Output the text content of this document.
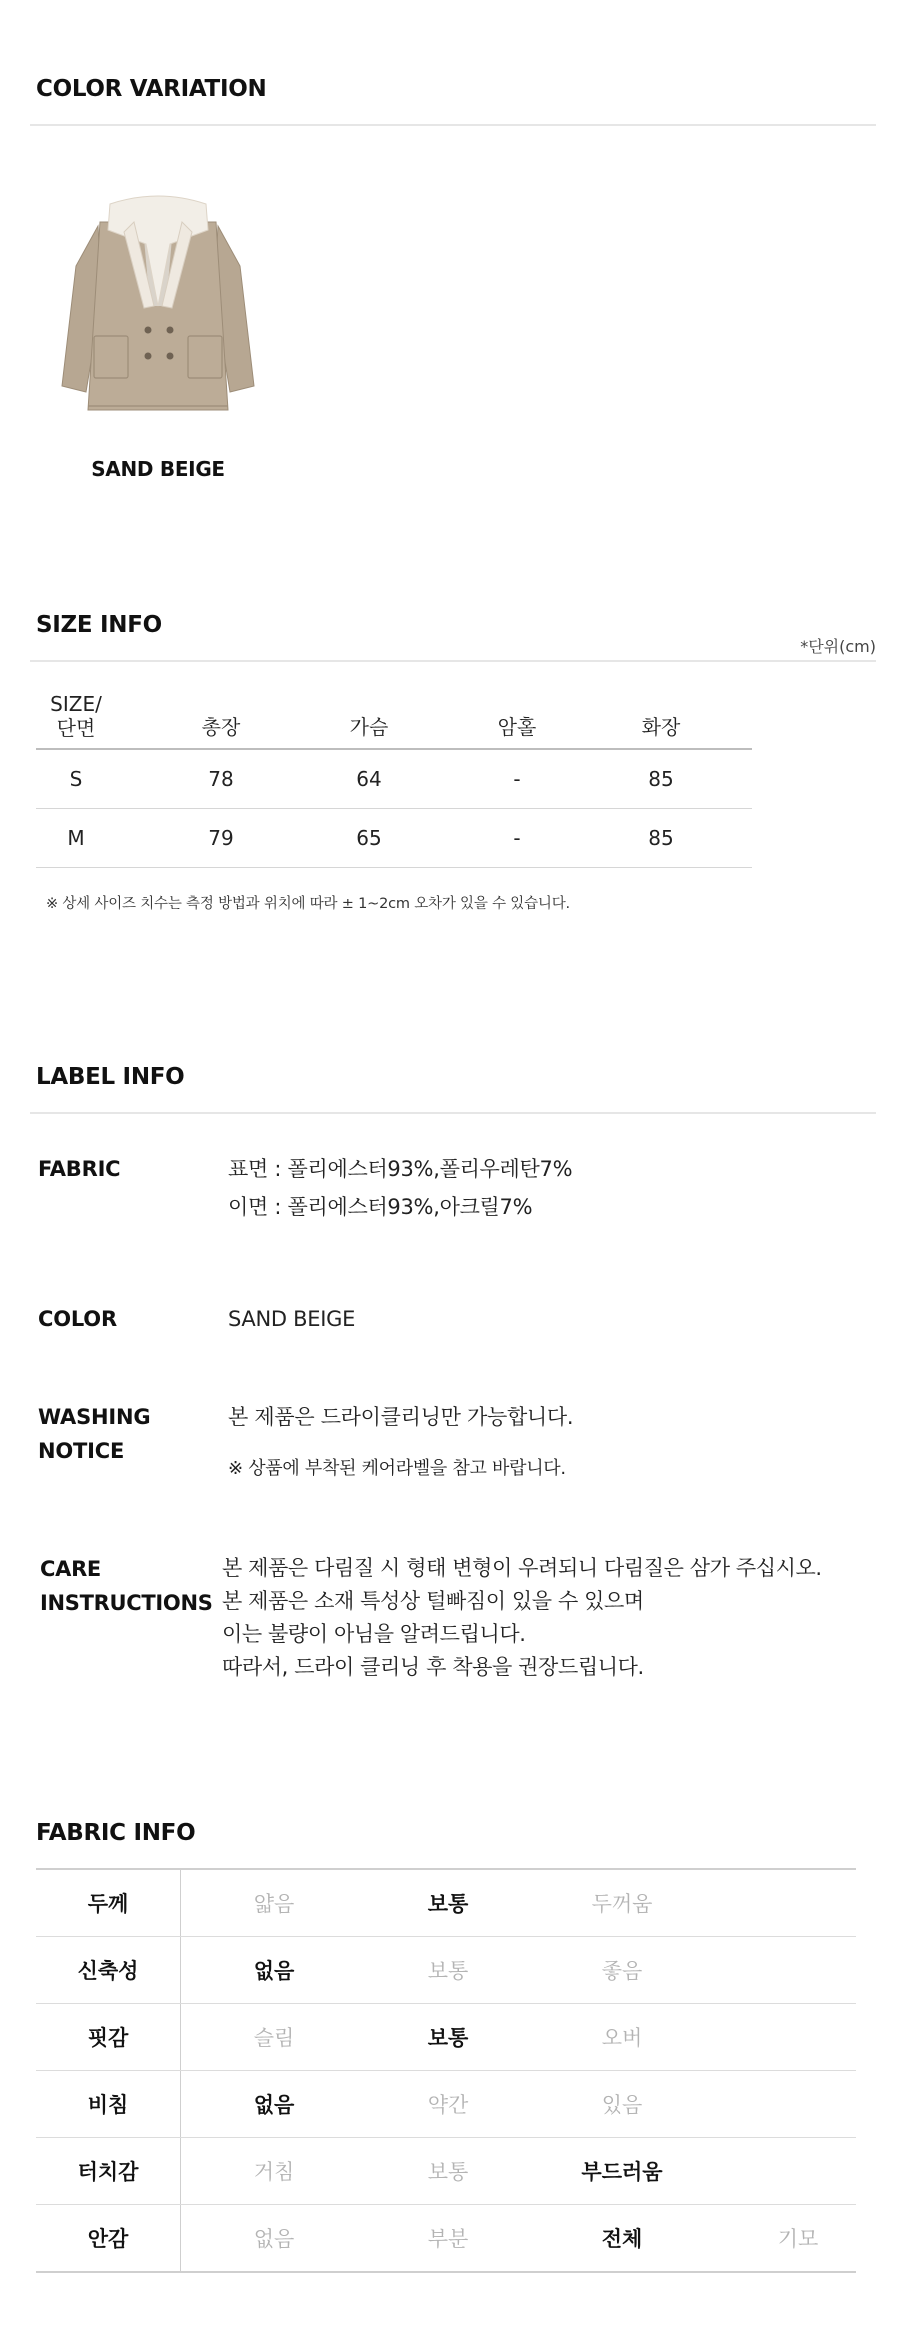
COLOR VARIATION
SAND BEIGE
SIZE INFO
*단위(cm)
SIZE/
단면	총장	가슴	암홀	화장
S	78	64	-	85
M	79	65	-	85
※ 상세 사이즈 치수는 측정 방법과 위치에 따라 ± 1~2cm 오차가 있을 수 있습니다.
LABEL INFO
FABRIC	표면 : 폴리에스터93%,폴리우레탄7%
이면 : 폴리에스터93%,아크릴7%
COLOR	SAND BEIGE
WASHING
NOTICE
본 제품은 드라이클리닝만 가능합니다.
※ 상품에 부착된 케어라벨을 참고 바랍니다.
CARE
INSTRUCTIONS
본 제품은 다림질 시 형태 변형이 우려되니 다림질은 삼가 주십시오.
본 제품은 소재 특성상 털빠짐이 있을 수 있으며
이는 불량이 아님을 알려드립니다.
따라서, 드라이 클리닝 후 착용을 권장드립니다.
FABRIC INFO
두께	얇음	보통	두꺼움
신축성	없음	보통	좋음
핏감	슬림	보통	오버
비침	없음	약간	있음
터치감	거침	보통	부드러움
안감	없음	부분	전체	기모
